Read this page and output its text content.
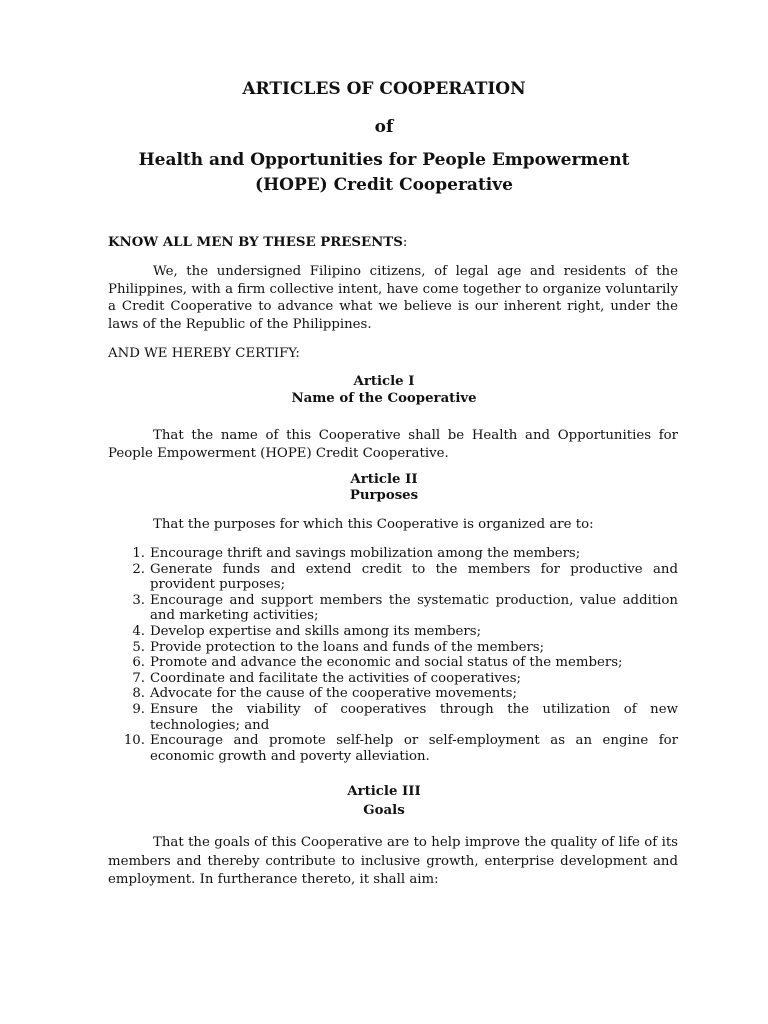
ARTICLES OF COOPERATION
of
Health and Opportunities for People Empowerment
(HOPE) Credit Cooperative
KNOW ALL MEN BY THESE PRESENTS:
We, the undersigned Filipino citizens, of legal age and residents of the Philippines, with a firm collective intent, have come together to organize voluntarily a Credit Cooperative to advance what we believe is our inherent right, under the laws of the Republic of the Philippines.
AND WE HEREBY CERTIFY:
Article I
Name of the Cooperative
That the name of this Cooperative shall be Health and Opportunities for People Empowerment (HOPE) Credit Cooperative.
Article II
Purposes
That the purposes for which this Cooperative is organized are to:
1. Encourage thrift and savings mobilization among the members;
2. Generate funds and extend credit to the members for productive and provident purposes;
3. Encourage and support members the systematic production, value addition and marketing activities;
4. Develop expertise and skills among its members;
5. Provide protection to the loans and funds of the members;
6. Promote and advance the economic and social status of the members;
7. Coordinate and facilitate the activities of cooperatives;
8. Advocate for the cause of the cooperative movements;
9. Ensure the viability of cooperatives through the utilization of new technologies; and
10. Encourage and promote self-help or self-employment as an engine for economic growth and poverty alleviation.
Article III
Goals
That the goals of this Cooperative are to help improve the quality of life of its members and thereby contribute to inclusive growth, enterprise development and employment. In furtherance thereto, it shall aim:
